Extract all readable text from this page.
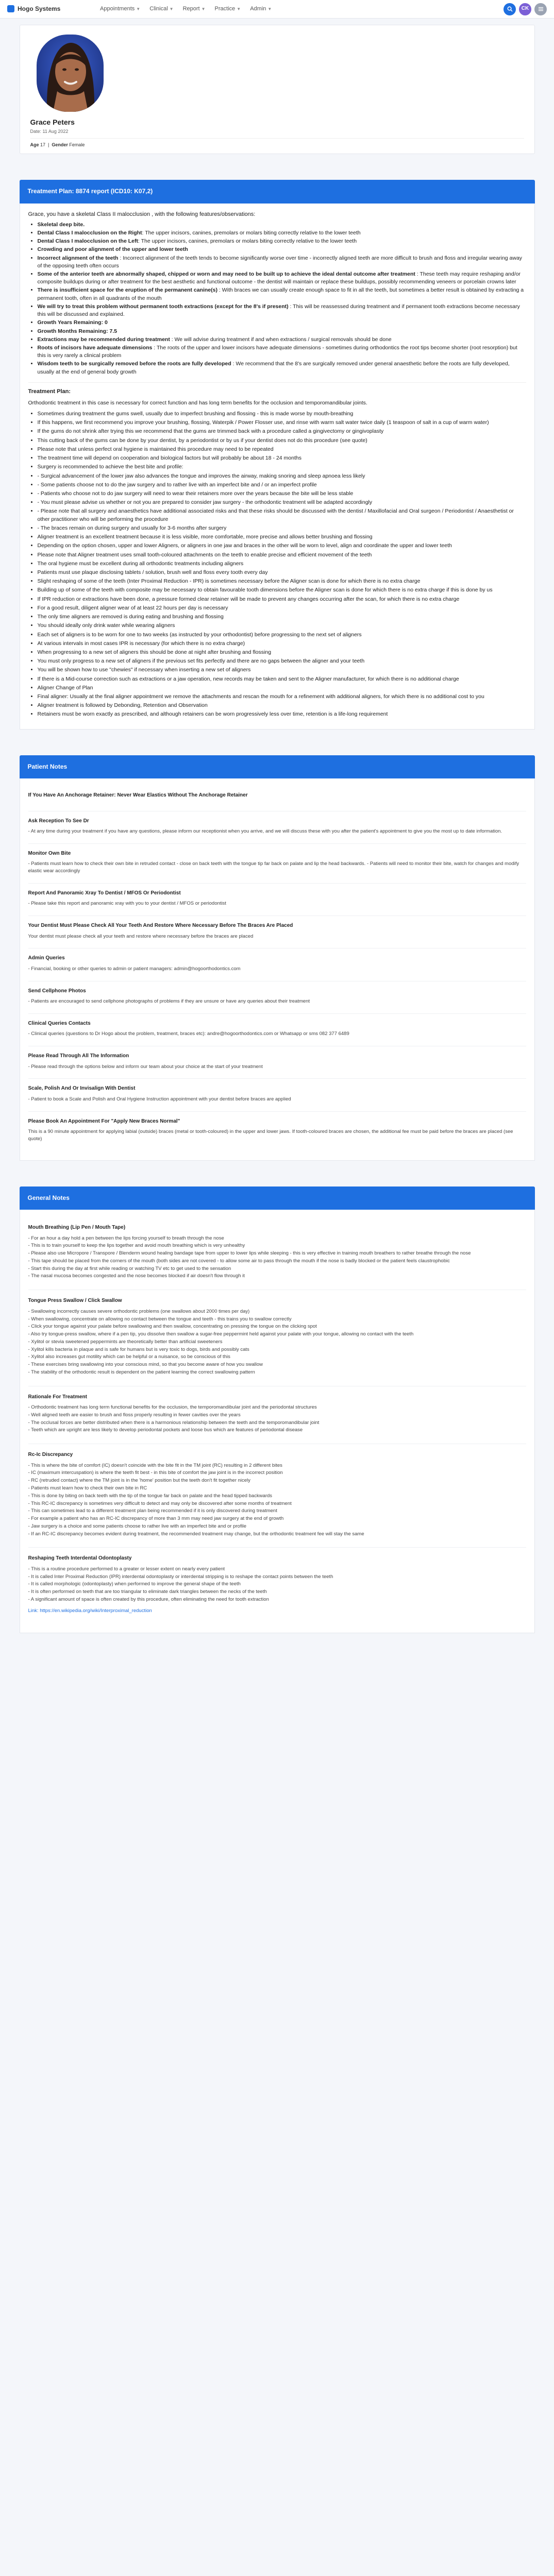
Hogo Systems	Appointments ▼ Clinical ▼ Report ▼ Practice ▼ Admin ▼	CK
Grace Peters
Date: 11 Aug 2022
Age 17  |  Gender Female
Treatment Plan: 8874 report (ICD10: K07,2)

Grace, you have a skeletal Class II malocclusion , with the following features/observations:

• Skeletal deep bite.
• Dental Class I malocclusion on the Right: The upper incisors, canines, premolars or molars biting correctly relative to the lower teeth
• Dental Class I malocclusion on the Left: The upper incisors, canines, premolars or molars biting correctly relative to the lower teeth
• Crowding and poor alignment of the upper and lower teeth
• Incorrect alignment of the teeth : Incorrect alignment of the teeth tends to become significantly worse over time - incorrectly aligned teeth are more difficult to brush and floss and irregular wearing away of the opposing teeth often occurs
• Some of the anterior teeth are abnormally shaped, chipped or worn and may need to be built up to achieve the ideal dental outcome after treatment : These teeth may require reshaping and/or composite buildups during or after treatment for the best aesthetic and functional outcome - the dentist will maintain or replace these buildups, possibly recommending veneers or porcelain crowns later
• There is insufficient space for the eruption of the permanent canine(s) : With braces we can usually create enough space to fit in all the teeth, but sometimes a better result is obtained by extracting a permanent tooth, often in all quadrants of the mouth
• We will try to treat this problem without permanent tooth extractions (except for the 8's if present) : This will be reassessed during treatment and if permanent tooth extractions become necessary this will be discussed and explained.
• Growth Years Remaining: 0
• Growth Months Remaining: 7.5
• Extractions may be recommended during treatment : We will advise during treatment if and when extractions / surgical removals should be done
• Roots of incisors have adequate dimensions : The roots of the upper and lower incisors have adequate dimensions - sometimes during orthodontics the root tips become shorter (root resorption) but this is very rarely a clinical problem
• Wisdom teeth to be surgically removed before the roots are fully developed : We recommend that the 8's are surgically removed under general anaesthetic before the roots are fully developed, usually at the end of general body growth
Treatment Plan:

Orthodontic treatment in this case is necessary for correct function and has long term benefits for the occlusion and temporomandibular joints.

• Sometimes during treatment the gums swell, usually due to imperfect brushing and flossing - this is made worse by mouth-breathing
• If this happens, we first recommend you improve your brushing, flossing, Waterpik / Power Flosser use, and rinse with warm salt water twice daily (1 teaspoon of salt in a cup of warm water)
• If the gums do not shrink after trying this we recommend that the gums are trimmed back with a procedure called a gingivectomy or gingivoplasty
• This cutting back of the gums can be done by your dentist, by a periodontist or by us if your dentist does not do this procedure (see quote)
• Please note that unless perfect oral hygiene is maintained this procedure may need to be repeated
• The treatment time will depend on cooperation and biological factors but will probably be about 18 - 24 months
• Surgery is recommended to achieve the best bite and profile:
• - Surgical advancement of the lower jaw also advances the tongue and improves the airway, making snoring and sleep apnoea less likely
• - Some patients choose not to do the jaw surgery and to rather live with an imperfect bite and / or an imperfect profile
• - Patients who choose not to do jaw surgery will need to wear their retainers more over the years because the bite will be less stable
• - You must please advise us whether or not you are prepared to consider jaw surgery - the orthodontic treatment will be adapted accordingly
• - Please note that all surgery and anaesthetics have additional associated risks and that these risks should be discussed with the dentist / Maxillofacial and Oral surgeon / Periodontist / Anaesthetist or other practitioner who will be performing the procedure
• - The braces remain on during surgery and usually for 3-6 months after surgery
• Aligner treatment is an excellent treatment because it is less visible, more comfortable, more precise and allows better brushing and flossing
• Depending on the option chosen, upper and lower Aligners, or aligners in one jaw and braces in the other will be worn to level, align and coordinate the upper and lower teeth
• Please note that Aligner treatment uses small tooth-coloured attachments on the teeth to enable precise and efficient movement of the teeth
• The oral hygiene must be excellent during all orthodontic treatments including aligners
• Patients must use plaque disclosing tablets / solution, brush well and floss every tooth every day
• Slight reshaping of some of the teeth (Inter Proximal Reduction - IPR) is sometimes necessary before the Aligner scan is done for which there is no extra charge
• Building up of some of the teeth with composite may be necessary to obtain favourable tooth dimensions before the Aligner scan is done for which there is no extra charge if this is done by us
• If IPR reduction or extractions have been done, a pressure formed clear retainer will be made to prevent any changes occurring after the scan, for which there is no extra charge
• For a good result, diligent aligner wear of at least 22 hours per day is necessary
• The only time aligners are removed is during eating and brushing and flossing
• You should ideally only drink water while wearing aligners
• Each set of aligners is to be worn for one to two weeks (as instructed by your orthodontist) before progressing to the next set of aligners
• At various intervals in most cases IPR is necessary (for which there is no extra charge)
• When progressing to a new set of aligners this should be done at night after brushing and flossing
• You must only progress to a new set of aligners if the previous set fits perfectly and there are no gaps between the aligner and your teeth
• You will be shown how to use "chewies" if necessary when inserting a new set of aligners
• If there is a Mid-course correction such as extractions or a jaw operation, new records may be taken and sent to the Aligner manufacturer, for which there is no additional charge
• Aligner Change of Plan
• Final aligner: Usually at the final aligner appointment we remove the attachments and rescan the mouth for a refinement with additional aligners, for which there is no additional cost to you
• Aligner treatment is followed by Debonding, Retention and Observation
• Retainers must be worn exactly as prescribed, and although retainers can be worn progressively less over time, retention is a life-long requirement
Patient Notes
If You Have An Anchorage Retainer: Never Wear Elastics Without The Anchorage Retainer
Ask Reception To See Dr
- At any time during your treatment if you have any questions, please inform our receptionist when you arrive, and we will discuss these with you after the patient's appointment to give you the most up to date information.
Monitor Own Bite
- Patients must learn how to check their own bite in retruded contact - close on back teeth with the tongue tip far back on palate and lip the head backwards. - Patients will need to monitor their bite, watch for changes and modify elastic wear accordingly
Report And Panoramic Xray To Dentist / MFOS Or Periodontist
- Please take this report and panoramic xray with you to your dentist / MFOS or periodontist
Your Dentist Must Please Check All Your Teeth And Restore Where Necessary Before The Braces Are Placed
Your dentist must please check all your teeth and restore where necessary before the braces are placed
Admin Queries
- Financial, booking or other queries to admin or patient managers: admin@hogoorthodontics.com
Send Cellphone Photos
- Patients are encouraged to send cellphone photographs of problems if they are unsure or have any queries about their treatment
Clinical Queries Contacts
- Clinical queries (questions to Dr Hogo about the problem, treatment, braces etc): andre@hogoorthodontics.com or Whatsapp or sms 082 377 6489
Please Read Through All The Information
- Please read through the options below and inform our team about your choice at the start of your treatment
Scale, Polish And Or Invisalign With Dentist
- Patient to book a Scale and Polish and Oral Hygiene Instruction appointment with your dentist before braces are applied
Please Book An Appointment For "Apply New Braces Normal"
This is a 90 minute appointment for applying labial (outside) braces (metal or tooth-coloured) in the upper and lower jaws. If tooth-coloured braces are chosen, the additional fee must be paid before the braces are placed (see quote)
General Notes
Mouth Breathing (Lip Pen / Mouth Tape)
- For an hour a day hold a pen between the lips forcing yourself to breath through the nose
- This is to train yourself to keep the lips together and avoid mouth breathing which is very unhealthy
- Please also use Micropore / Transpore / Blenderm wound healing bandage tape from upper to lower lips while sleeping - this is very effective in training mouth breathers to rather breathe through the nose
- This tape should be placed from the corners of the mouth (both sides are not covered - to allow some air to pass through the mouth if the nose is badly blocked or the patient feels claustrophobic
- Start this during the day at first while reading or watching TV etc to get used to the sensation
- The nasal mucosa becomes congested and the nose becomes blocked if air doesn't flow through it
Tongue Press Swallow / Click Swallow
- Swallowing incorrectly causes severe orthodontic problems (one swallows about 2000 times per day)
- When swallowing, concentrate on allowing no contact between the tongue and teeth - this trains you to swallow correctly
- Click your tongue against your palate before swallowing and then swallow, concentrating on pressing the tongue on the clicking spot
- Also try tongue-press swallow, where if a pen tip, you dissolve then swallow a sugar-free peppermint held against your palate with your tongue, allowing no contact with the teeth
- Xylitol or stevia sweetened peppermints are theoretically better than artificial sweeteners
- Xylitol kills bacteria in plaque and is safe for humans but is very toxic to dogs, birds and possibly cats
- Xylitol also increases gut motility which can be helpful or a nuisance, so be conscious of this
- These exercises bring swallowing into your conscious mind, so that you become aware of how you swallow
- The stability of the orthodontic result is dependent on the patient learning the correct swallowing pattern
Rationale For Treatment
- Orthodontic treatment has long term functional benefits for the occlusion, the temporomandibular joint and the periodontal structures
- Well aligned teeth are easier to brush and floss properly resulting in fewer cavities over the years
- The occlusal forces are better distributed when there is a harmonious relationship between the teeth and the temporomandibular joint
- Teeth which are upright are less likely to develop periodontal pockets and loose bus which are features of periodontal disease
Rc-Ic Discrepancy
- This is where the bite of comfort (IC) doesn't coincide with the bite fit in the TM joint (RC) resulting in 2 different bites
- IC (maximum intercuspation) is where the teeth fit best - in this bite of comfort the jaw joint is in the incorrect position
- RC (retruded contact) where the TM joint is in the 'home' position but the teeth don't fit together nicely
- Patients must learn how to check their own bite in RC
- This is done by biting on back teeth with the tip of the tongue far back on palate and the head tipped backwards
- This RC-IC discrepancy is sometimes very difficult to detect and may only be discovered after some months of treatment
- This can sometimes lead to a different treatment plan being recommended if it is only discovered during treatment
- For example a patient who has an RC-IC discrepancy of more than 3 mm may need jaw surgery at the end of growth
- Jaw surgery is a choice and some patients choose to rather live with an imperfect bite and or profile
- If an RC-IC discrepancy becomes evident during treatment, the recommended treatment may change, but the orthodontic treatment fee will stay the same
Reshaping Teeth Interdental Odontoplasty
- This is a routine procedure performed to a greater or lesser extent on nearly every patient
- It is called Inter Proximal Reduction (IPR) interdental odontoplasty or interdental stripping is to reshape the contact points between the teeth
- It is called morphologic (odontoplasty) when performed to improve the general shape of the teeth
- It is often performed on teeth that are too triangular to eliminate dark triangles between the necks of the teeth
- A significant amount of space is often created by this procedure, often eliminating the need for tooth extraction
Link: https://en.wikipedia.org/wiki/Interproximal_reduction
